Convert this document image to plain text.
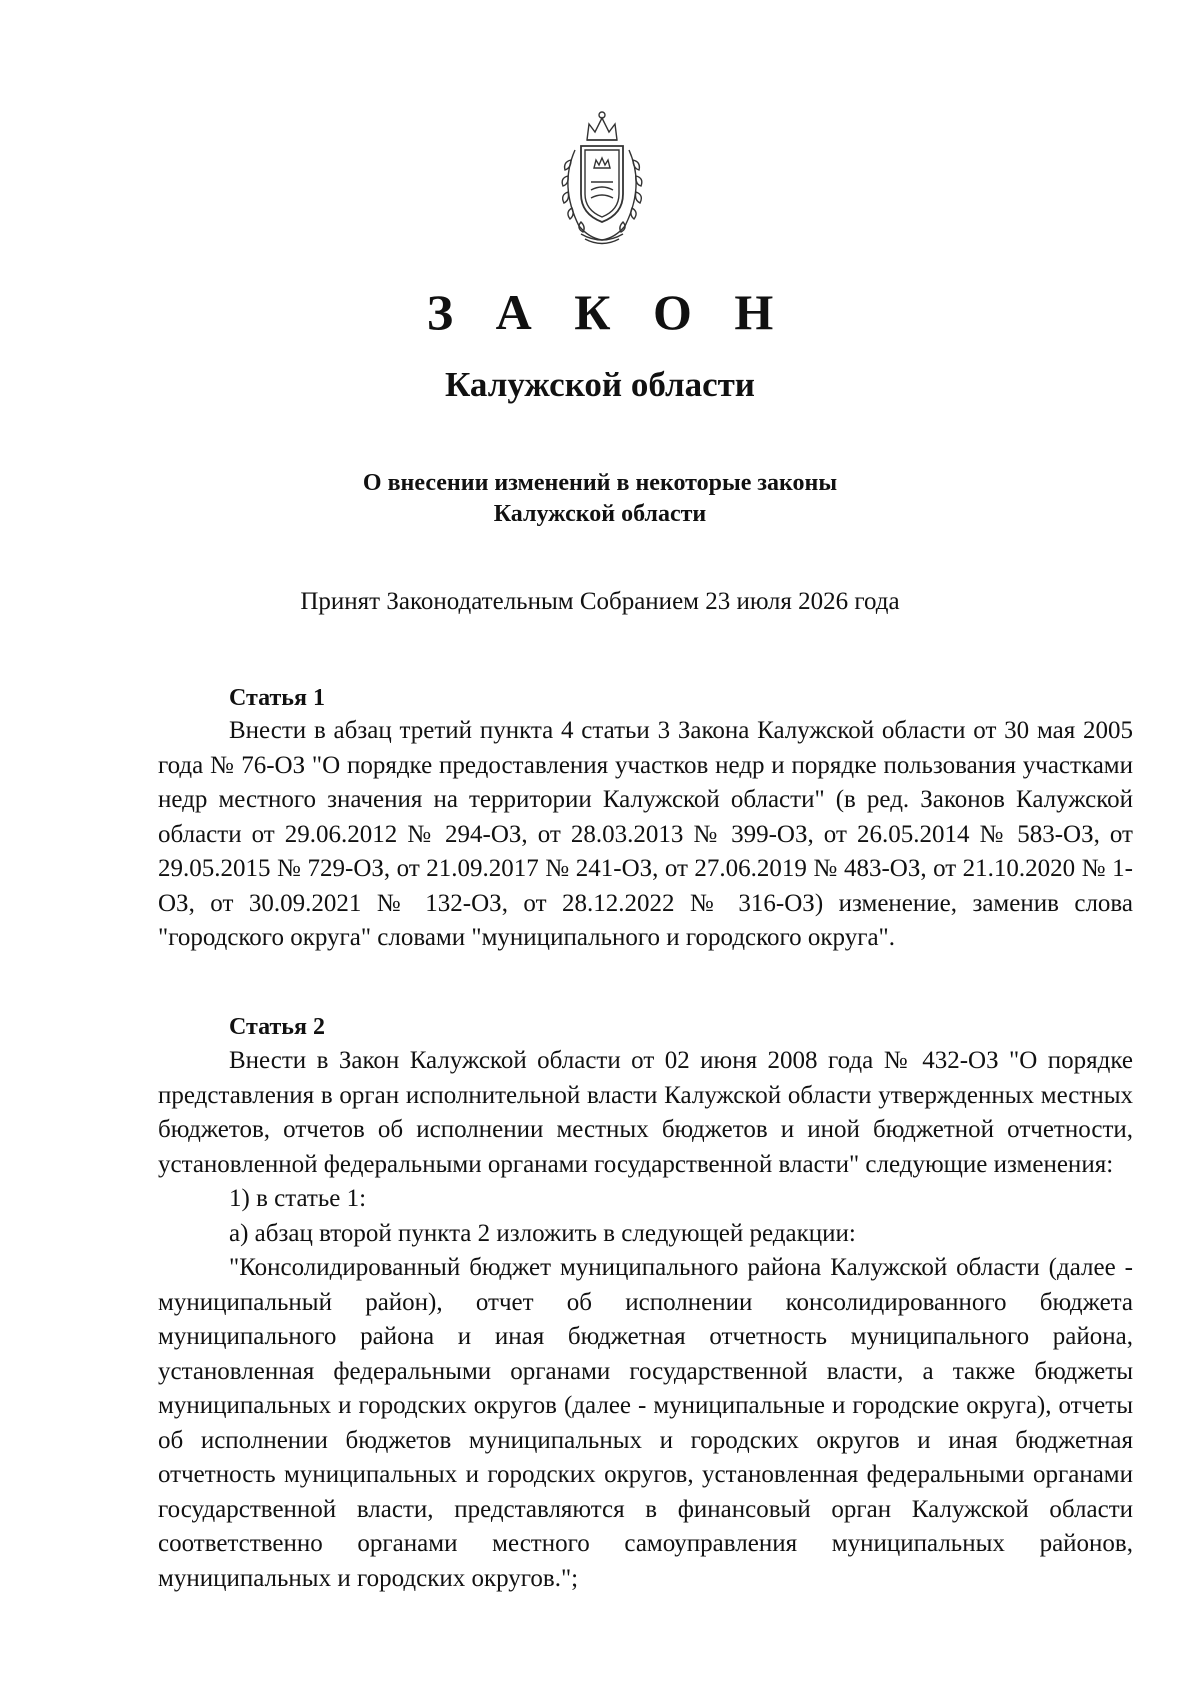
З А К О Н
Калужской области
О внесении изменений в некоторые законы
Калужской области
Принят Законодательным Собранием 23 июля 2026 года
Статья 1

Внести в абзац третий пункта 4 статьи 3 Закона Калужской области от 30 мая 2005 года № 76-ОЗ "О порядке предоставления участков недр и порядке пользования участками недр местного значения на территории Калужской области" (в ред. Законов Калужской области от 29.06.2012 № 294-ОЗ, от 28.03.2013 № 399-ОЗ, от 26.05.2014 № 583-ОЗ, от 29.05.2015 № 729-ОЗ, от 21.09.2017 № 241-ОЗ, от 27.06.2019 № 483-ОЗ, от 21.10.2020 № 1-ОЗ, от 30.09.2021 № 132-ОЗ, от 28.12.2022 № 316-ОЗ) изменение, заменив слова "городского округа" словами "муниципального и городского округа".

Статья 2

Внести в Закон Калужской области от 02 июня 2008 года № 432-ОЗ "О порядке представления в орган исполнительной власти Калужской области утвержденных местных бюджетов, отчетов об исполнении местных бюджетов и иной бюджетной отчетности, установленной федеральными органами государственной власти" следующие изменения:

1) в статье 1:

а) абзац второй пункта 2 изложить в следующей редакции:

"Консолидированный бюджет муниципального района Калужской области (далее - муниципальный район), отчет об исполнении консолидированного бюджета муниципального района и иная бюджетная отчетность муниципального района, установленная федеральными органами государственной власти, а также бюджеты муниципальных и городских округов (далее - муниципальные и городские округа), отчеты об исполнении бюджетов муниципальных и городских округов и иная бюджетная отчетность муниципальных и городских округов, установленная федеральными органами государственной власти, представляются в финансовый орган Калужской области соответственно органами местного самоуправления муниципальных районов, муниципальных и городских округов.";
